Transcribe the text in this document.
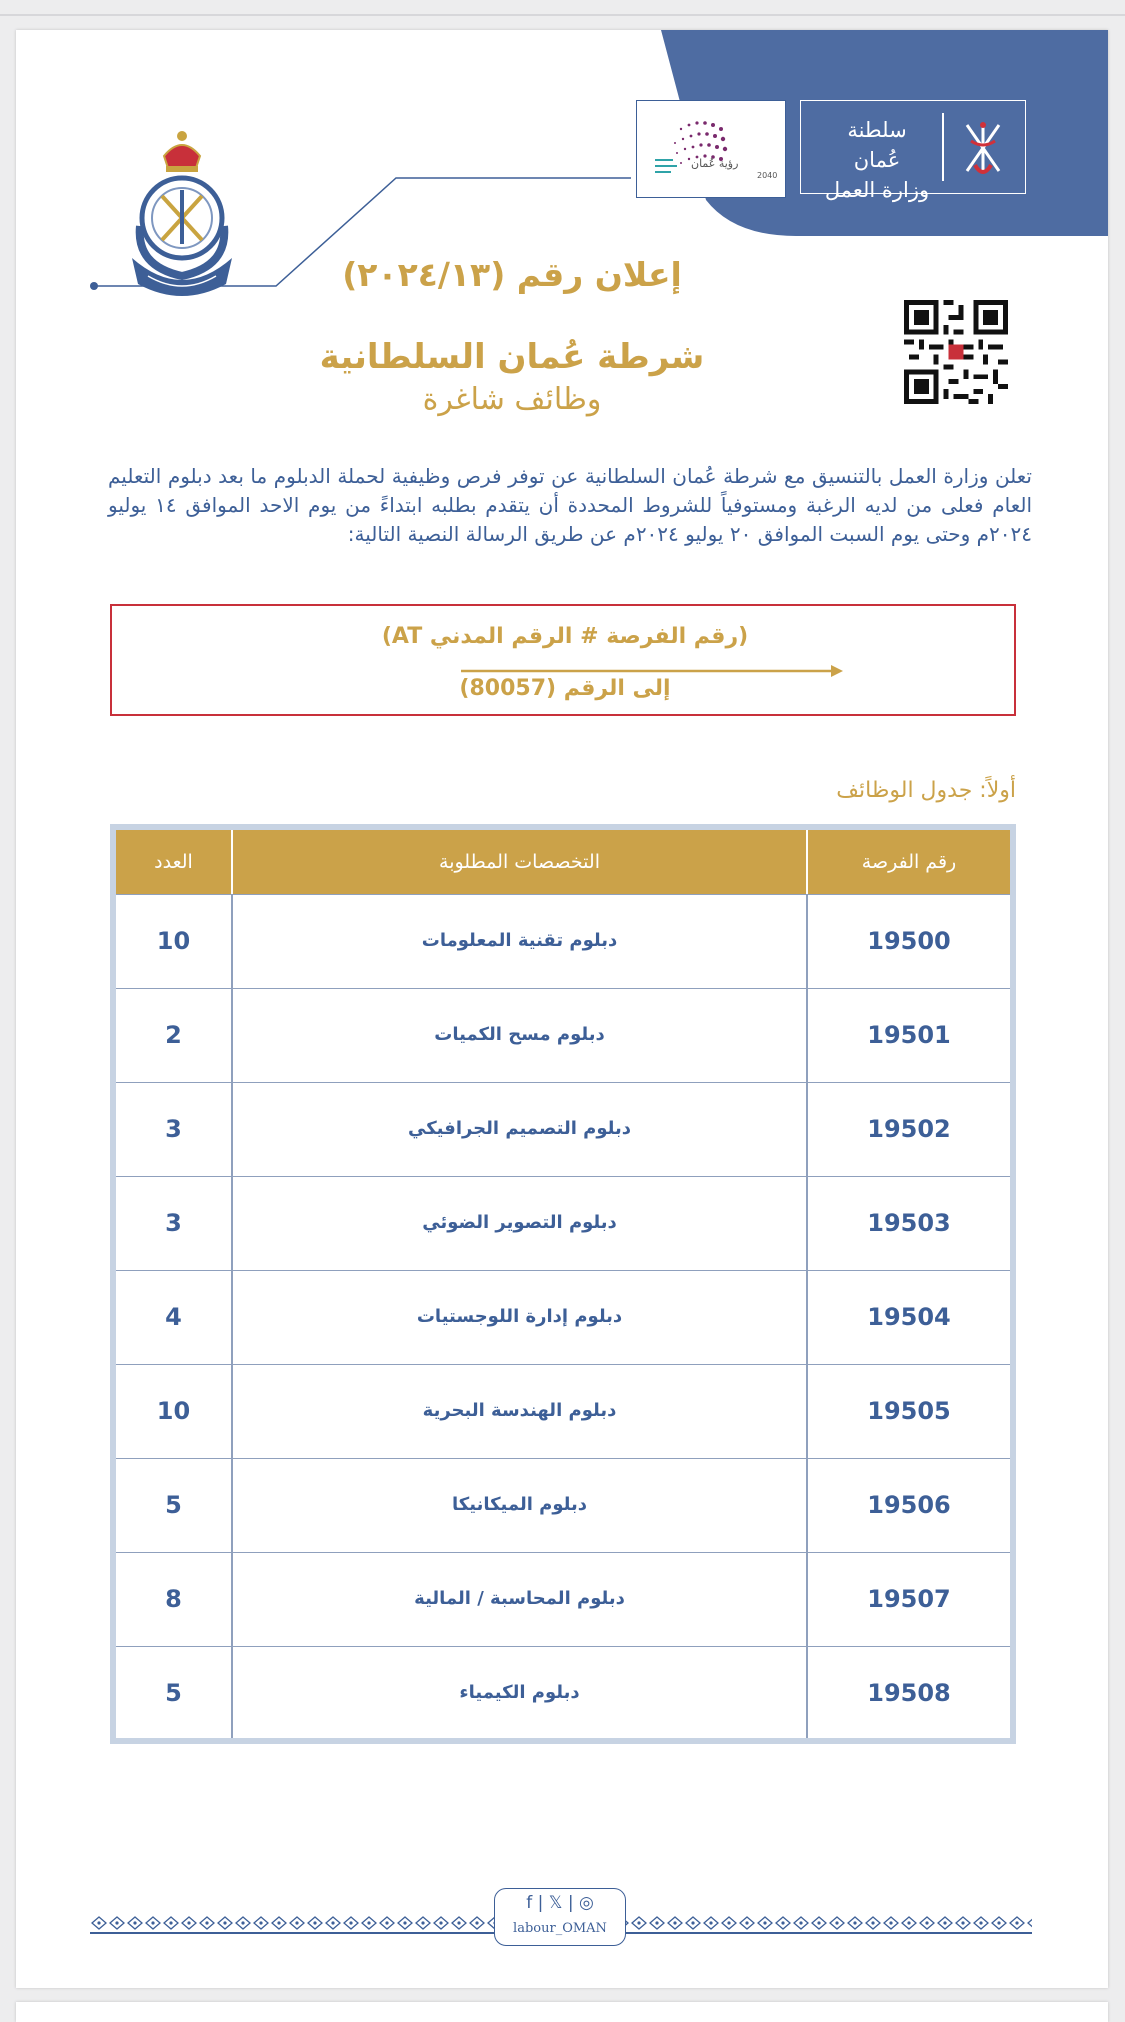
سلطنة عُمان
وزارة العمل
رؤية عُمان
2040
إعلان رقم (٢٠٢٤/١٣)
شرطة عُمان السلطانية
وظائف شاغرة
تعلن وزارة العمل بالتنسيق مع شرطة عُمان السلطانية عن توفر فرص وظيفية لحملة الدبلوم ما بعد دبلوم التعليم العام فعلى من لديه الرغبة ومستوفياً للشروط المحددة أن يتقدم بطلبه ابتداءً من يوم الاحد الموافق ١٤ يوليو ٢٠٢٤م وحتى يوم السبت الموافق ٢٠ يوليو ٢٠٢٤م عن طريق الرسالة النصية التالية:
(رقم الفرصة # الرقم المدني AT)
إلى الرقم (80057)
أولاً: جدول الوظائف
رقم الفرصة
التخصصات المطلوبة
العدد
19500
دبلوم تقنية المعلومات
10
19501
دبلوم مسح الكميات
2
19502
دبلوم التصميم الجرافيكي
3
19503
دبلوم التصوير الضوئي
3
19504
دبلوم إدارة اللوجستيات
4
19505
دبلوم الهندسة البحرية
10
19506
دبلوم الميكانيكا
5
19507
دبلوم المحاسبة / المالية
8
19508
دبلوم الكيمياء
5
f | 𝕏 | ◎
labour_OMAN
